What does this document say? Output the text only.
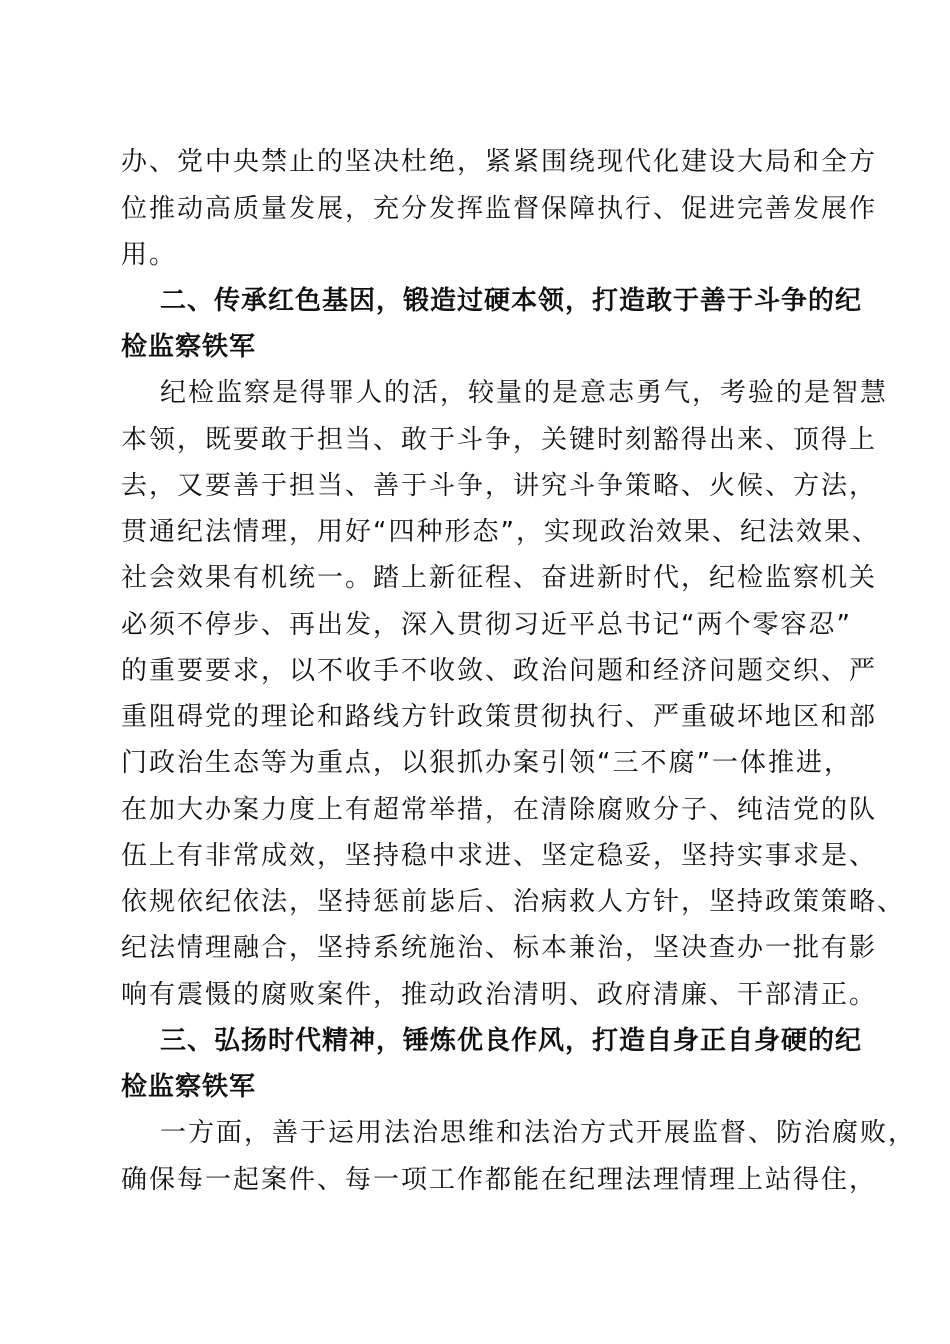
办、党中央禁止的坚决杜绝，紧紧围绕现代化建设大局和全方
位推动高质量发展，充分发挥监督保障执行、促进完善发展作
用。
二、传承红色基因，锻造过硬本领，打造敢于善于斗争的纪
检监察铁军
纪检监察是得罪人的活，较量的是意志勇气，考验的是智慧
本领，既要敢于担当、敢于斗争，关键时刻豁得出来、顶得上
去，又要善于担当、善于斗争，讲究斗争策略、火候、方法，
贯通纪法情理，用好“四种形态”，实现政治效果、纪法效果、
社会效果有机统一。踏上新征程、奋进新时代，纪检监察机关
必须不停步、再出发，深入贯彻习近平总书记“两个零容忍”
的重要要求，以不收手不收敛、政治问题和经济问题交织、严
重阻碍党的理论和路线方针政策贯彻执行、严重破坏地区和部
门政治生态等为重点，以狠抓办案引领“三不腐”一体推进，
在加大办案力度上有超常举措，在清除腐败分子、纯洁党的队
伍上有非常成效，坚持稳中求进、坚定稳妥，坚持实事求是、
依规依纪依法，坚持惩前毖后、治病救人方针，坚持政策策略、
纪法情理融合，坚持系统施治、标本兼治，坚决查办一批有影
响有震慑的腐败案件，推动政治清明、政府清廉、干部清正。
三、弘扬时代精神，锤炼优良作风，打造自身正自身硬的纪
检监察铁军
一方面，善于运用法治思维和法治方式开展监督、防治腐败，
确保每一起案件、每一项工作都能在纪理法理情理上站得住，
